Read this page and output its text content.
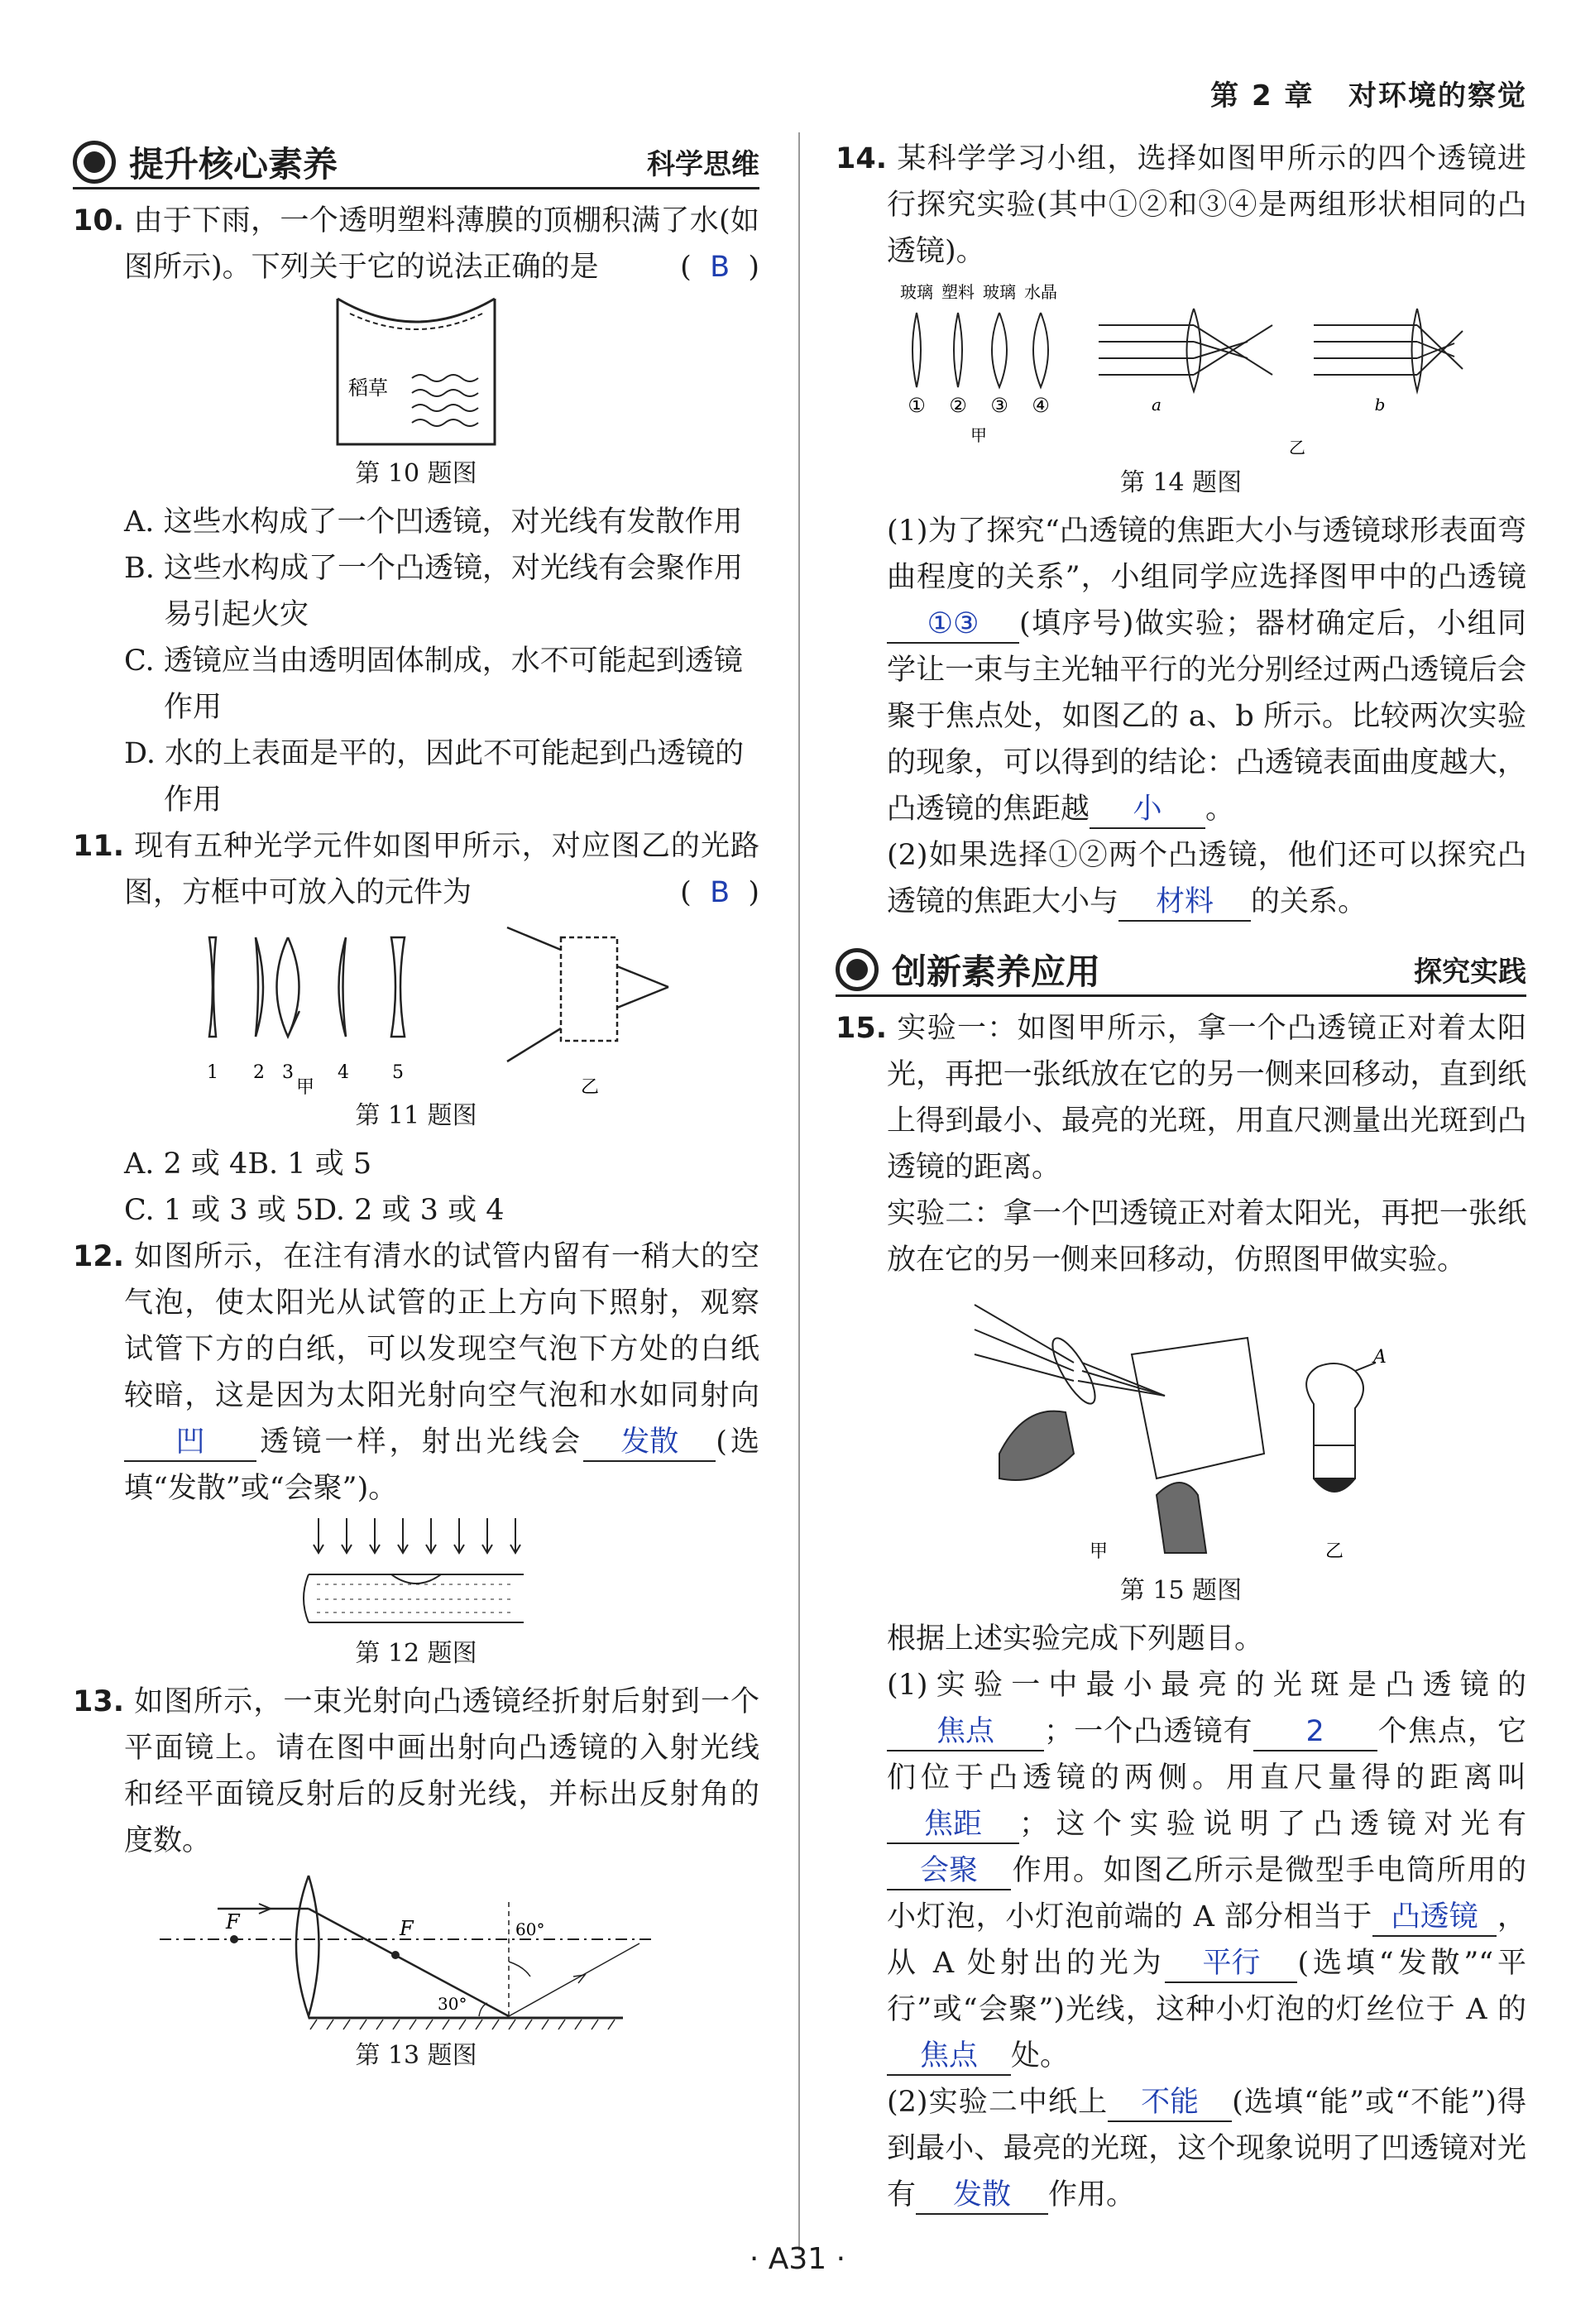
第 2 章 对环境的察觉
提升核心素养	科学思维

10. 由于下雨，一个透明塑料薄膜的顶棚积满了水(如图所示)。下列关于它的说法正确的是	(  B  )

稻草

第 10 题图

A. 这些水构成了一个凹透镜，对光线有发散作用

B. 这些水构成了一个凸透镜，对光线有会聚作用易引起火灾

C. 透镜应当由透明固体制成，水不可能起到透镜作用

D. 水的上表面是平的，因此不可能起到凸透镜的作用

11. 现有五种光学元件如图甲所示，对应图乙的光路图，方框中可放入的元件为	(  B  )

1 2 3 4 5
甲	乙

第 11 题图

A. 2 或 4 B. 1 或 5

C. 1 或 3 或 5 D. 2 或 3 或 4

12. 如图所示，在注有清水的试管内留有一稍大的空气泡，使太阳光从试管的正上方向下照射，观察试管下方的白纸，可以发现空气泡下方处的白纸较暗，这是因为太阳光射向空气泡和水如同射向凹 透镜一样，射出光线会 发散 (选填“发散”或“会聚”)。

第 12 题图

13. 如图所示，一束光射向凸透镜经折射后射到一个平面镜上。请在图中画出射向凸透镜的入射光线和经平面镜反射后的反射光线，并标出反射角的度数。

F	F
30°
60°

第 13 题图

14. 某科学学习小组，选择如图甲所示的四个透镜进行探究实验(其中①②和③④是两组形状相同的凸透镜)。

玻璃 塑料 玻璃 水晶
① ② ③ ④
甲
乙
a	b

第 14 题图

(1)为了探究“凸透镜的焦距大小与透镜球形表面弯曲程度的关系”，小组同学应选择图甲中的凸透镜①③ (填序号)做实验；器材确定后，小组同学让一束与主光轴平行的光分别经过两凸透镜后会聚于焦点处，如图乙的 a、b 所示。比较两次实验的现象，可以得到的结论：凸透镜表面曲度越大，凸透镜的焦距越 小 。

(2)如果选择①②两个凸透镜，他们还可以探究凸透镜的焦距大小与 材料 的关系。

创新素养应用	探究实践

15. 实验一：如图甲所示，拿一个凸透镜正对着太阳光，再把一张纸放在它的另一侧来回移动，直到纸上得到最小、最亮的光斑，用直尺测量出光斑到凸透镜的距离。

实验二：拿一个凹透镜正对着太阳光，再把一张纸放在它的另一侧来回移动，仿照图甲做实验。

A
甲	乙

第 15 题图

根据上述实验完成下列题目。

(1)实验一中最小最亮的光斑是凸透镜的焦点 ；一个凸透镜有 2 个焦点，它们位于凸透镜的两侧。用直尺量得的距离叫焦距 ；这个实验说明了凸透镜对光有会聚 作用。如图乙所示是微型手电筒所用的小灯泡，小灯泡前端的 A 部分相当于 凸透镜 ，从 A 处射出的光为 平行 (选填“发散”“平行”或“会聚”)光线，这种小灯泡的灯丝位于 A 的焦点 处。

(2)实验二中纸上 不能 (选填“能”或“不能”)得到最小、最亮的光斑，这个现象说明了凹透镜对光有 发散 作用。

· A31 ·
